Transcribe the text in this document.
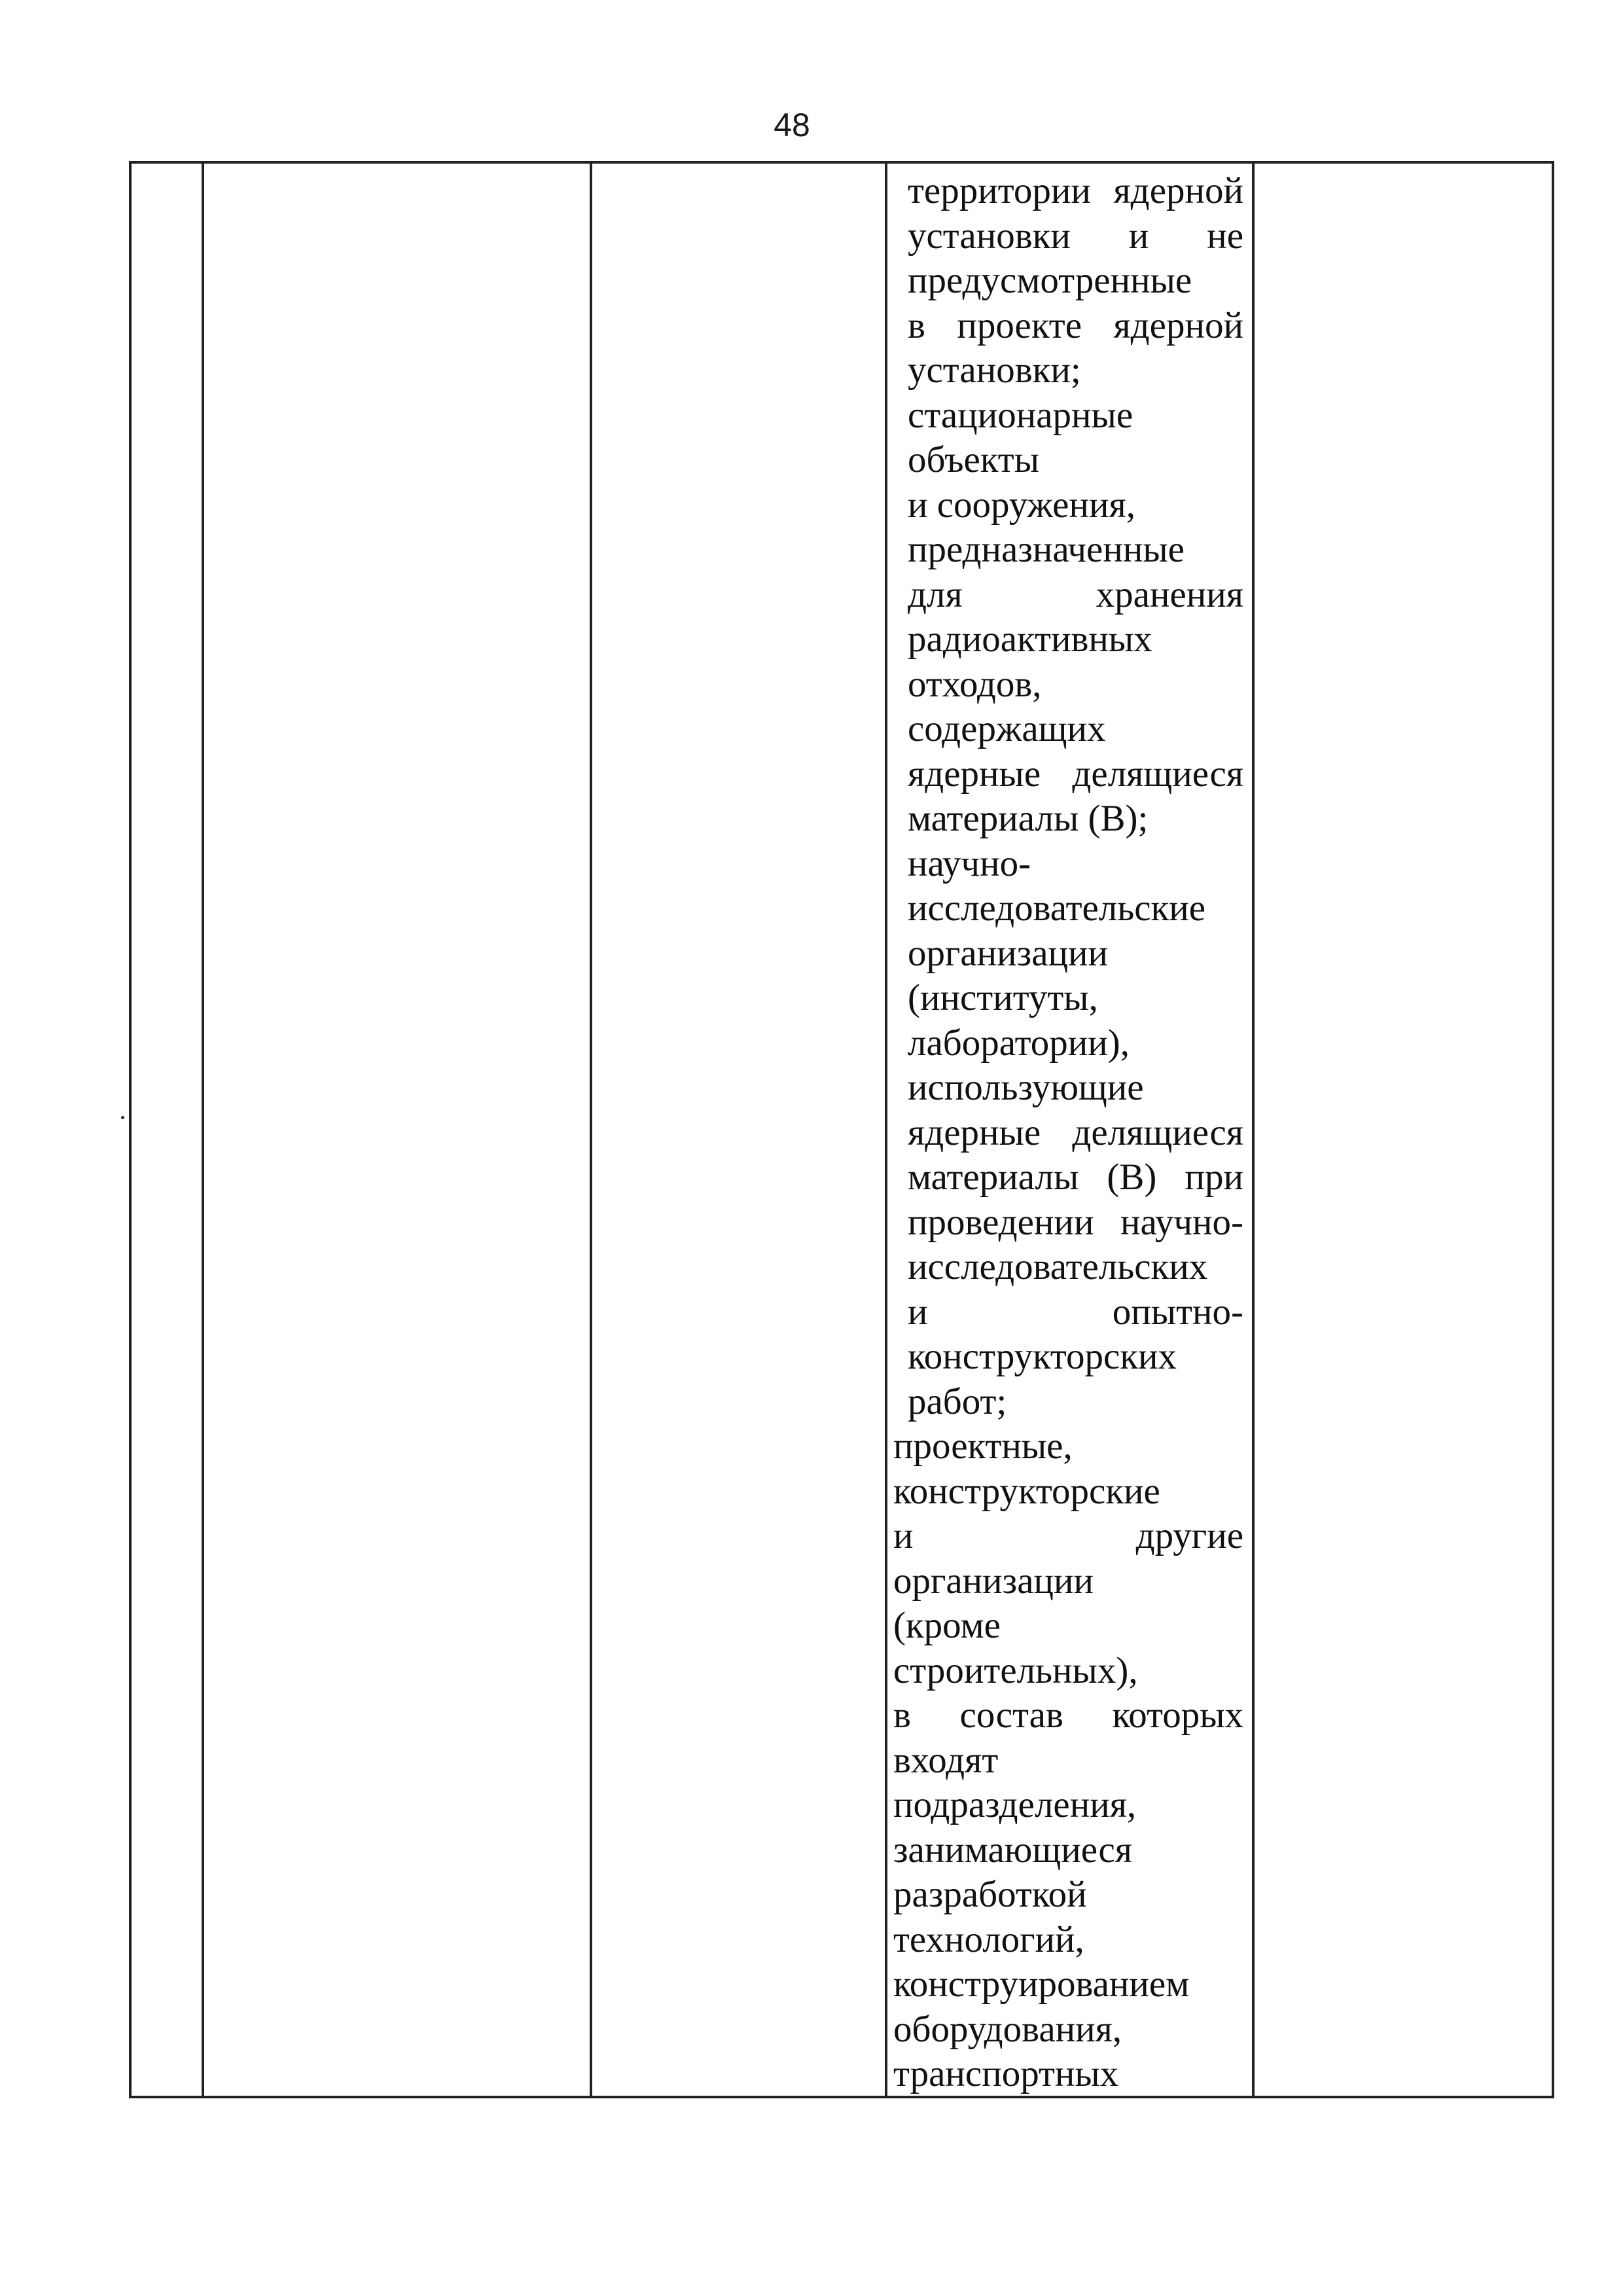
48
территории ядерной
установки и не
предусмотренные
в проекте ядерной
установки;
стационарные
объекты
и сооружения,
предназначенные
для	хранения
радиоактивных
отходов,
содержащих
ядерные делящиеся
материалы (В);
научно-
исследовательские
организации
(институты,
лаборатории),
использующие
ядерные делящиеся
материалы (В) при
проведении научно-
исследовательских
и	опытно-
конструкторских
работ;
проектные,
конструкторские
и	другие
организации
(кроме
строительных),
в состав которых
входят
подразделения,
занимающиеся
разработкой
технологий,
конструированием
оборудования,
транспортных
